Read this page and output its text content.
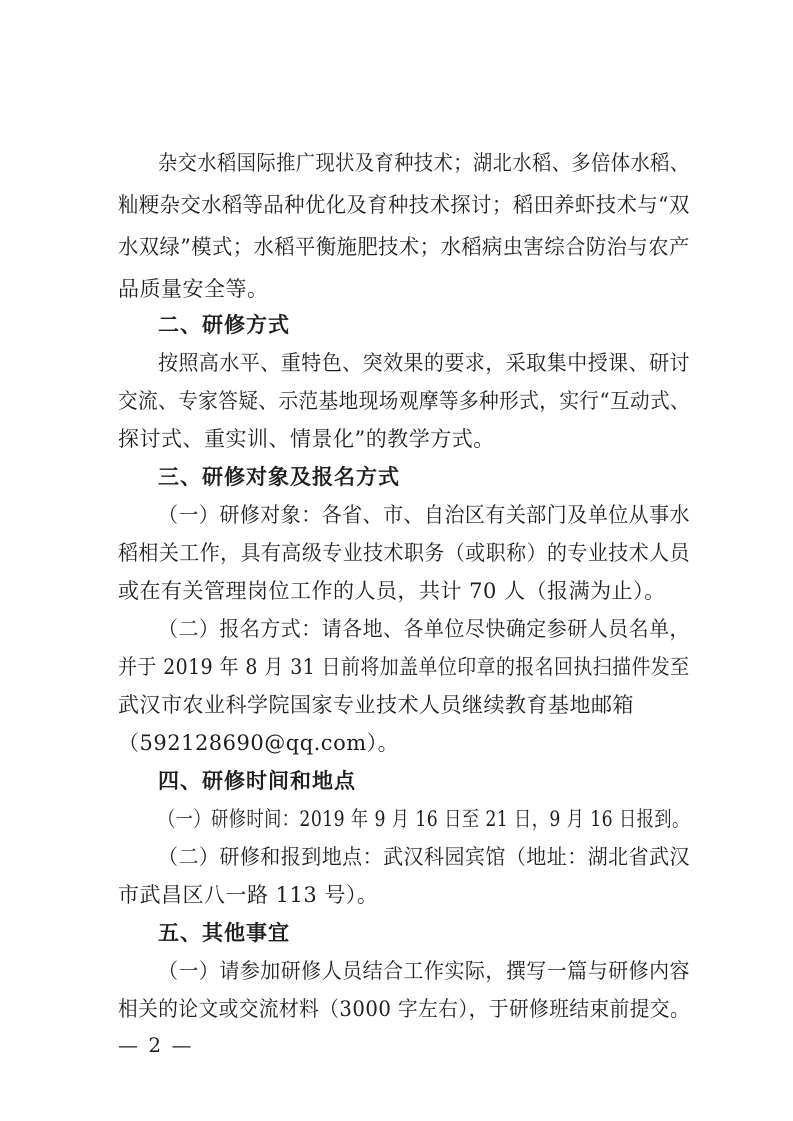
杂交水稻国际推广现状及育种技术；湖北水稻、多倍体水稻、
籼粳杂交水稻等品种优化及育种技术探讨；稻田养虾技术与“双
水双绿”模式；水稻平衡施肥技术；水稻病虫害综合防治与农产
品质量安全等。
二、研修方式
按照高水平、重特色、突效果的要求，采取集中授课、研讨
交流、专家答疑、示范基地现场观摩等多种形式，实行“互动式、
探讨式、重实训、情景化”的教学方式。
三、研修对象及报名方式
（一）研修对象：各省、市、自治区有关部门及单位从事水
稻相关工作，具有高级专业技术职务（或职称）的专业技术人员
或在有关管理岗位工作的人员，共计 70 人（报满为止）。
（二）报名方式：请各地、各单位尽快确定参研人员名单，
并于 2019 年 8 月 31 日前将加盖单位印章的报名回执扫描件发至
武汉市农业科学院国家专业技术人员继续教育基地邮箱
（592128690@qq.com）。
四、研修时间和地点
（一）研修时间：2019 年 9 月 16 日至 21 日，9 月 16 日报到。
（二）研修和报到地点：武汉科园宾馆（地址：湖北省武汉
市武昌区八一路 113 号）。
五、其他事宜
（一）请参加研修人员结合工作实际，撰写一篇与研修内容
相关的论文或交流材料（3000 字左右），于研修班结束前提交。
— 2 —
